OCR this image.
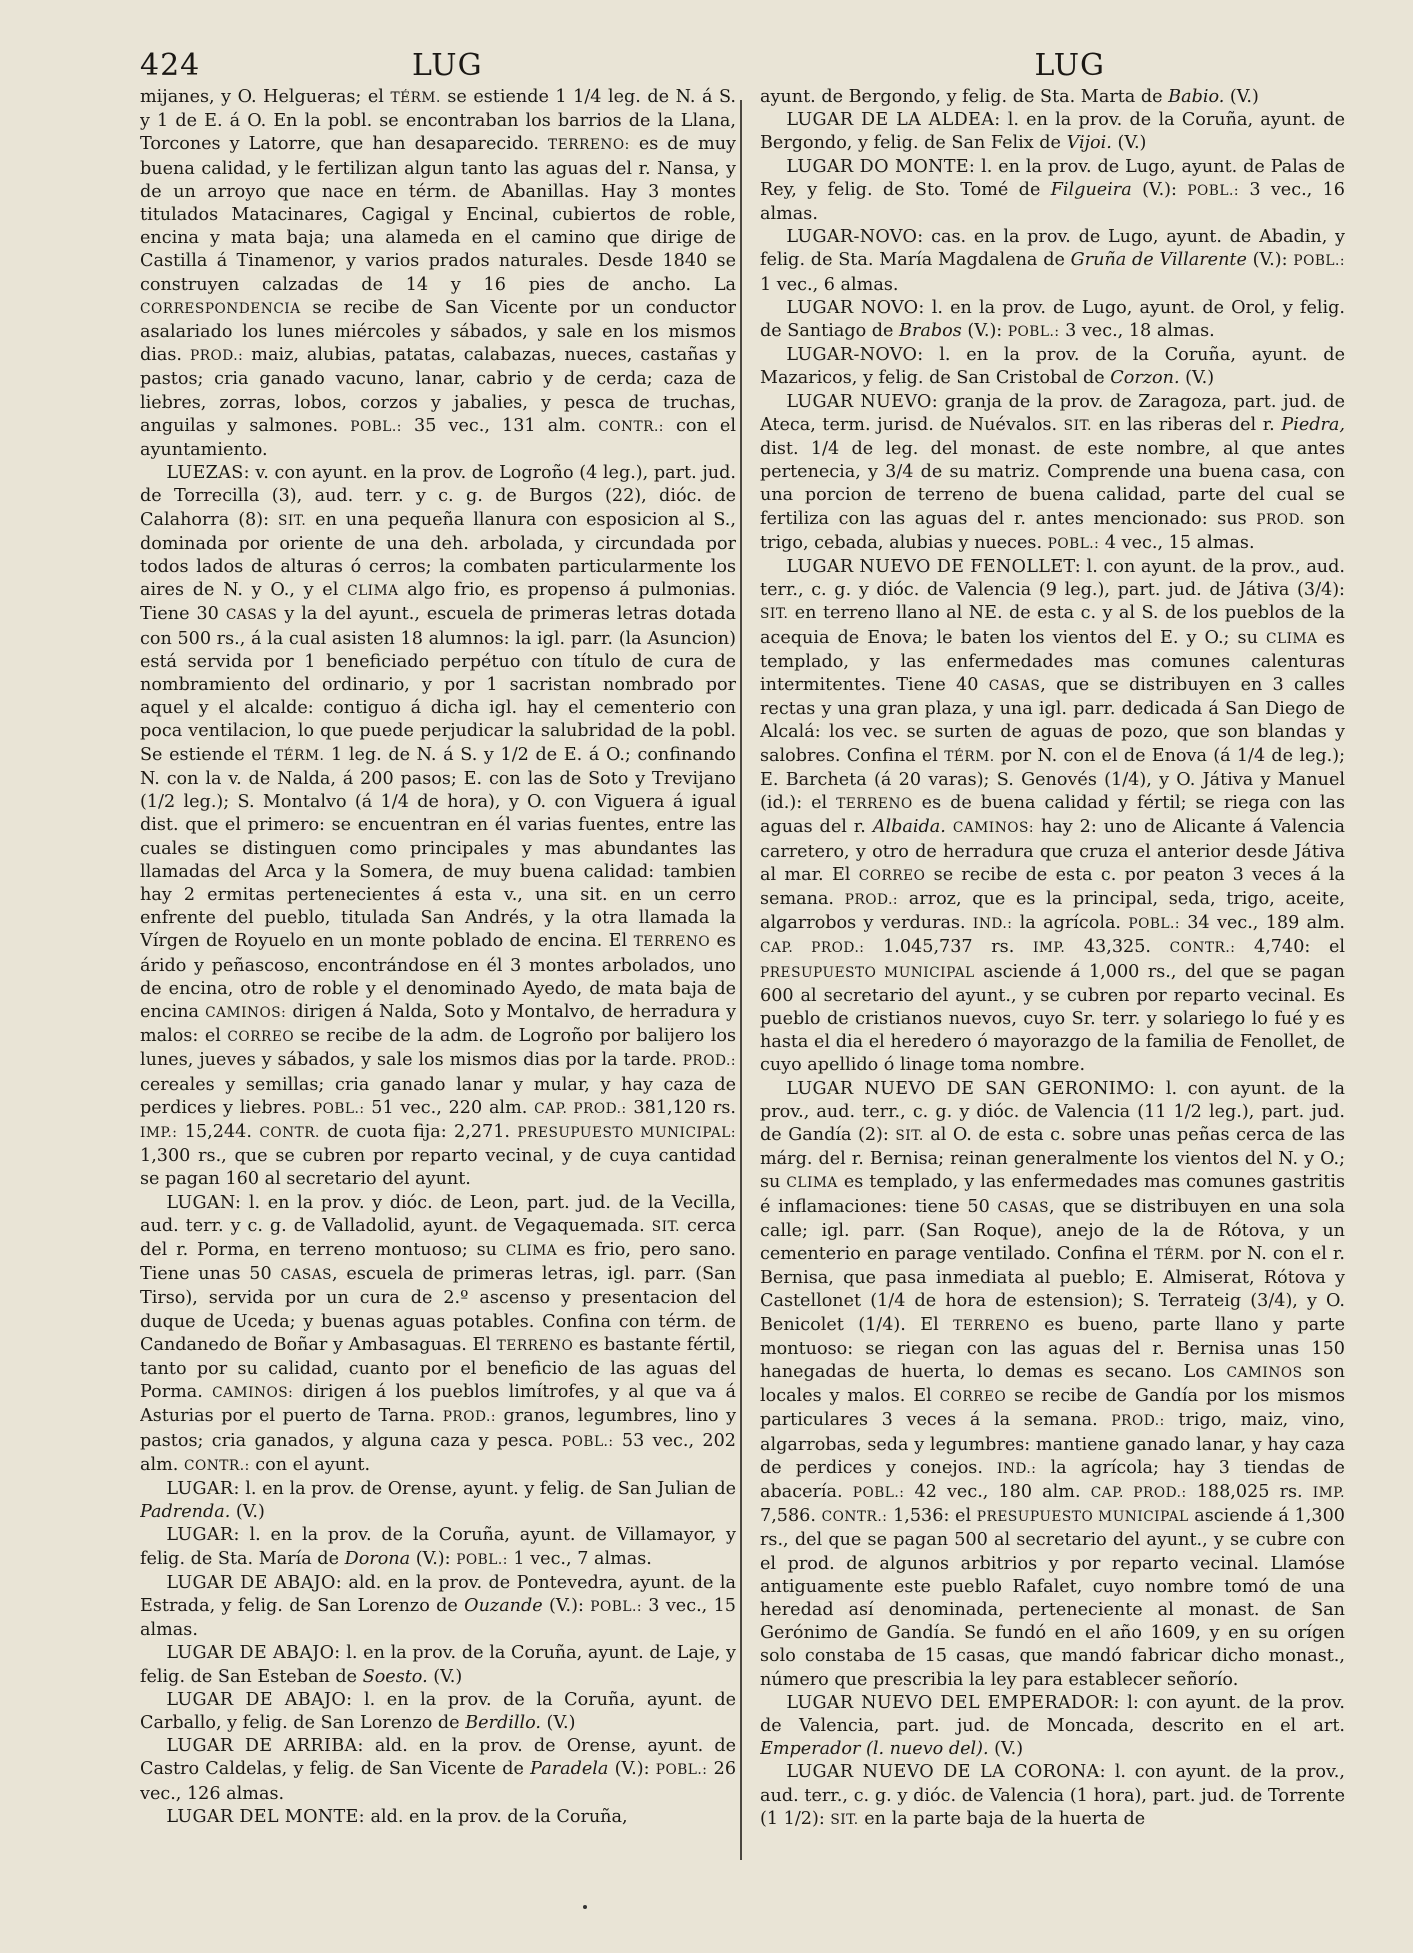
424	LUG	LUG

mijanes, y O. Helgueras; el TÉRM. se estiende 1 1/4 leg. de N. á S. y 1 de E. á O. En la pobl. se encontraban los barrios de la Llana, Torcones y Latorre, que han desaparecido. TERRENO: es de muy buena calidad, y le fertilizan algun tanto las aguas del r. Nansa, y de un arroyo que nace en térm. de Abanillas. Hay 3 montes titulados Matacinares, Cagigal y Encinal, cubiertos de roble, encina y mata baja; una alameda en el camino que dirige de Castilla á Tinamenor, y varios prados naturales. Desde 1840 se construyen calzadas de 14 y 16 pies de ancho. La CORRESPONDENCIA se recibe de San Vicente por un conductor asalariado los lunes miércoles y sábados, y sale en los mismos dias. PROD.: maiz, alubias, patatas, calabazas, nueces, castañas y pastos; cria ganado vacuno, lanar, cabrio y de cerda; caza de liebres, zorras, lobos, corzos y jabalies, y pesca de truchas, anguilas y salmones. POBL.: 35 vec., 131 alm. CONTR.: con el ayuntamiento.

LUEZAS: v. con ayunt. en la prov. de Logroño (4 leg.), part. jud. de Torrecilla (3), aud. terr. y c. g. de Burgos (22), dióc. de Calahorra (8): SIT. en una pequeña llanura con esposicion al S., dominada por oriente de una deh. arbolada, y circundada por todos lados de alturas ó cerros; la combaten particularmente los aires de N. y O., y el CLIMA algo frio, es propenso á pulmonias. Tiene 30 CASAS y la del ayunt., escuela de primeras letras dotada con 500 rs., á la cual asisten 18 alumnos: la igl. parr. (la Asuncion) está servida por 1 beneficiado perpétuo con título de cura de nombramiento del ordinario, y por 1 sacristan nombrado por aquel y el alcalde: contiguo á dicha igl. hay el cementerio con poca ventilacion, lo que puede perjudicar la salubridad de la pobl. Se estiende el TÉRM. 1 leg. de N. á S. y 1/2 de E. á O.; confinando N. con la v. de Nalda, á 200 pasos; E. con las de Soto y Trevijano (1/2 leg.); S. Montalvo (á 1/4 de hora), y O. con Viguera á igual dist. que el primero: se encuentran en él varias fuentes, entre las cuales se distinguen como principales y mas abundantes las llamadas del Arca y la Somera, de muy buena calidad: tambien hay 2 ermitas pertenecientes á esta v., una sit. en un cerro enfrente del pueblo, titulada San Andrés, y la otra llamada la Vírgen de Royuelo en un monte poblado de encina. El TERRENO es árido y peñascoso, encontrándose en él 3 montes arbolados, uno de encina, otro de roble y el denominado Ayedo, de mata baja de encina CAMINOS: dirigen á Nalda, Soto y Montalvo, de herradura y malos: el CORREO se recibe de la adm. de Logroño por balijero los lunes, jueves y sábados, y sale los mismos dias por la tarde. PROD.: cereales y semillas; cria ganado lanar y mular, y hay caza de perdices y liebres. POBL.: 51 vec., 220 alm. CAP. PROD.: 381,120 rs. IMP.: 15,244. CONTR. de cuota fija: 2,271. PRESUPUESTO MUNICIPAL: 1,300 rs., que se cubren por reparto vecinal, y de cuya cantidad se pagan 160 al secretario del ayunt.

LUGAN: l. en la prov. y dióc. de Leon, part. jud. de la Vecilla, aud. terr. y c. g. de Valladolid, ayunt. de Vegaquemada. SIT. cerca del r. Porma, en terreno montuoso; su CLIMA es frio, pero sano. Tiene unas 50 CASAS, escuela de primeras letras, igl. parr. (San Tirso), servida por un cura de 2.º ascenso y presentacion del duque de Uceda; y buenas aguas potables. Confina con térm. de Candanedo de Boñar y Ambasaguas. El TERRENO es bastante fértil, tanto por su calidad, cuanto por el beneficio de las aguas del Porma. CAMINOS: dirigen á los pueblos limítrofes, y al que va á Asturias por el puerto de Tarna. PROD.: granos, legumbres, lino y pastos; cria ganados, y alguna caza y pesca. POBL.: 53 vec., 202 alm. CONTR.: con el ayunt.

LUGAR: l. en la prov. de Orense, ayunt. y felig. de San Julian de Padrenda. (V.)

LUGAR: l. en la prov. de la Coruña, ayunt. de Villamayor, y felig. de Sta. María de Dorona (V.): POBL.: 1 vec., 7 almas.

LUGAR DE ABAJO: ald. en la prov. de Pontevedra, ayunt. de la Estrada, y felig. de San Lorenzo de Ouzande (V.): POBL.: 3 vec., 15 almas.

LUGAR DE ABAJO: l. en la prov. de la Coruña, ayunt. de Laje, y felig. de San Esteban de Soesto. (V.)

LUGAR DE ABAJO: l. en la prov. de la Coruña, ayunt. de Carballo, y felig. de San Lorenzo de Berdillo. (V.)

LUGAR DE ARRIBA: ald. en la prov. de Orense, ayunt. de Castro Caldelas, y felig. de San Vicente de Paradela (V.): POBL.: 26 vec., 126 almas.

LUGAR DEL MONTE: ald. en la prov. de la Coruña,

ayunt. de Bergondo, y felig. de Sta. Marta de Babio. (V.)

LUGAR DE LA ALDEA: l. en la prov. de la Coruña, ayunt. de Bergondo, y felig. de San Felix de Vijoi. (V.)

LUGAR DO MONTE: l. en la prov. de Lugo, ayunt. de Palas de Rey, y felig. de Sto. Tomé de Filgueira (V.): POBL.: 3 vec., 16 almas.

LUGAR-NOVO: cas. en la prov. de Lugo, ayunt. de Abadin, y felig. de Sta. María Magdalena de Gruña de Villarente (V.): POBL.: 1 vec., 6 almas.

LUGAR NOVO: l. en la prov. de Lugo, ayunt. de Orol, y felig. de Santiago de Brabos (V.): POBL.: 3 vec., 18 almas.

LUGAR-NOVO: l. en la prov. de la Coruña, ayunt. de Mazaricos, y felig. de San Cristobal de Corzon. (V.)

LUGAR NUEVO: granja de la prov. de Zaragoza, part. jud. de Ateca, term. jurisd. de Nuévalos. SIT. en las riberas del r. Piedra, dist. 1/4 de leg. del monast. de este nombre, al que antes pertenecia, y 3/4 de su matriz. Comprende una buena casa, con una porcion de terreno de buena calidad, parte del cual se fertiliza con las aguas del r. antes mencionado: sus PROD. son trigo, cebada, alubias y nueces. POBL.: 4 vec., 15 almas.

LUGAR NUEVO DE FENOLLET: l. con ayunt. de la prov., aud. terr., c. g. y dióc. de Valencia (9 leg.), part. jud. de Játiva (3/4): SIT. en terreno llano al NE. de esta c. y al S. de los pueblos de la acequia de Enova; le baten los vientos del E. y O.; su CLIMA es templado, y las enfermedades mas comunes calenturas intermitentes. Tiene 40 CASAS, que se distribuyen en 3 calles rectas y una gran plaza, y una igl. parr. dedicada á San Diego de Alcalá: los vec. se surten de aguas de pozo, que son blandas y salobres. Confina el TÉRM. por N. con el de Enova (á 1/4 de leg.); E. Barcheta (á 20 varas); S. Genovés (1/4), y O. Játiva y Manuel (id.): el TERRENO es de buena calidad y fértil; se riega con las aguas del r. Albaida. CAMINOS: hay 2: uno de Alicante á Valencia carretero, y otro de herradura que cruza el anterior desde Játiva al mar. El CORREO se recibe de esta c. por peaton 3 veces á la semana. PROD.: arroz, que es la principal, seda, trigo, aceite, algarrobos y verduras. IND.: la agrícola. POBL.: 34 vec., 189 alm. CAP. PROD.: 1.045,737 rs. IMP. 43,325. CONTR.: 4,740: el PRESUPUESTO MUNICIPAL asciende á 1,000 rs., del que se pagan 600 al secretario del ayunt., y se cubren por reparto vecinal. Es pueblo de cristianos nuevos, cuyo Sr. terr. y solariego lo fué y es hasta el dia el heredero ó mayorazgo de la familia de Fenollet, de cuyo apellido ó linage toma nombre.

LUGAR NUEVO DE SAN GERONIMO: l. con ayunt. de la prov., aud. terr., c. g. y dióc. de Valencia (11 1/2 leg.), part. jud. de Gandía (2): SIT. al O. de esta c. sobre unas peñas cerca de las márg. del r. Bernisa; reinan generalmente los vientos del N. y O.; su CLIMA es templado, y las enfermedades mas comunes gastritis é inflamaciones: tiene 50 CASAS, que se distribuyen en una sola calle; igl. parr. (San Roque), anejo de la de Rótova, y un cementerio en parage ventilado. Confina el TÉRM. por N. con el r. Bernisa, que pasa inmediata al pueblo; E. Almiserat, Rótova y Castellonet (1/4 de hora de estension); S. Terrateig (3/4), y O. Benicolet (1/4). El TERRENO es bueno, parte llano y parte montuoso: se riegan con las aguas del r. Bernisa unas 150 hanegadas de huerta, lo demas es secano. Los CAMINOS son locales y malos. El CORREO se recibe de Gandía por los mismos particulares 3 veces á la semana. PROD.: trigo, maiz, vino, algarrobas, seda y legumbres: mantiene ganado lanar, y hay caza de perdices y conejos. IND.: la agrícola; hay 3 tiendas de abacería. POBL.: 42 vec., 180 alm. CAP. PROD.: 188,025 rs. IMP. 7,586. CONTR.: 1,536: el PRESUPUESTO MUNICIPAL asciende á 1,300 rs., del que se pagan 500 al secretario del ayunt., y se cubre con el prod. de algunos arbitrios y por reparto vecinal. Llamóse antiguamente este pueblo Rafalet, cuyo nombre tomó de una heredad así denominada, perteneciente al monast. de San Gerónimo de Gandía. Se fundó en el año 1609, y en su orígen solo constaba de 15 casas, que mandó fabricar dicho monast., número que prescribia la ley para establecer señorío.

LUGAR NUEVO DEL EMPERADOR: l: con ayunt. de la prov. de Valencia, part. jud. de Moncada, descrito en el art. Emperador (l. nuevo del). (V.)

LUGAR NUEVO DE LA CORONA: l. con ayunt. de la prov., aud. terr., c. g. y dióc. de Valencia (1 hora), part. jud. de Torrente (1 1/2): SIT. en la parte baja de la huerta de
